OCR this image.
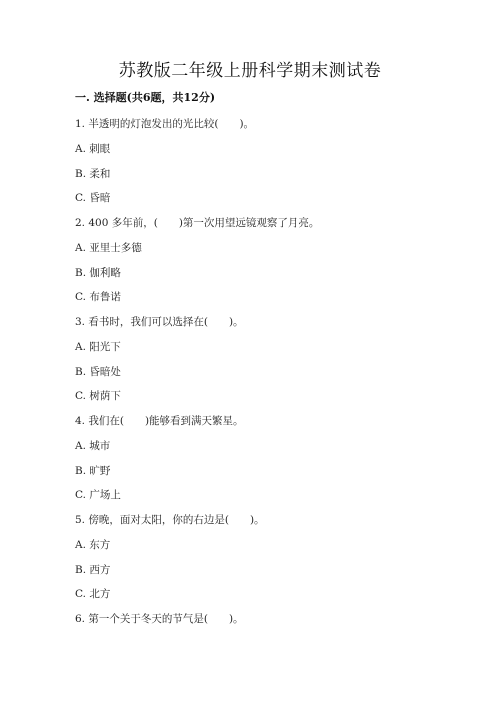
苏教版二年级上册科学期末测试卷
一. 选择题(共6题，共12分)
1. 半透明的灯泡发出的光比较(　　)。
A. 刺眼
B. 柔和
C. 昏暗
2. 400 多年前，(　　)第一次用望远镜观察了月亮。
A. 亚里士多德
B. 伽利略
C. 布鲁诺
3. 看书时，我们可以选择在(　　)。
A. 阳光下
B. 昏暗处
C. 树荫下
4. 我们在(　　)能够看到满天繁星。
A. 城市
B. 旷野
C. 广场上
5. 傍晚，面对太阳，你的右边是(　　)。
A. 东方
B. 西方
C. 北方
6. 第一个关于冬天的节气是(　　)。
